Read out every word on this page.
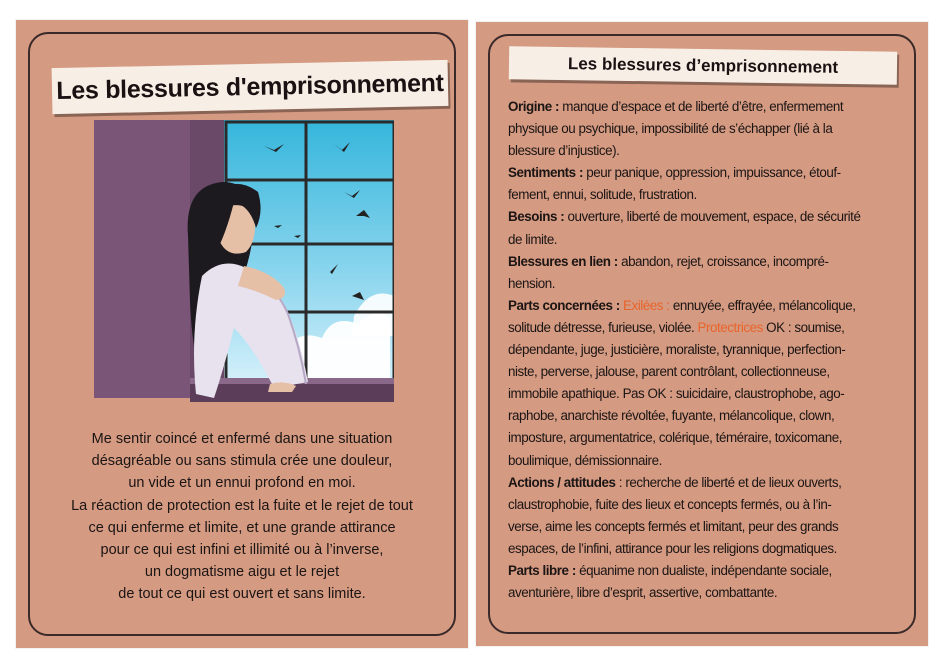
Les blessures d'emprisonnement

Me sentir coincé et enfermé dans une situation

désagréable ou sans stimula crée une douleur,

un vide et un ennui profond en moi.

La réaction de protection est la fuite et le rejet de tout

ce qui enferme et limite, et une grande attirance

pour ce qui est infini et illimité ou à l’inverse,

un dogmatisme aigu et le rejet

de tout ce qui est ouvert et sans limite.

Les blessures d’emprisonnement

Origine : manque d’espace et de liberté d’être, enfermement

physique ou psychique, impossibilité de s’échapper (lié à la

blessure d’injustice).

Sentiments : peur panique, oppression, impuissance, étouf-

fement, ennui, solitude, frustration.

Besoins : ouverture, liberté de mouvement, espace, de sécurité

de limite.

Blessures en lien : abandon, rejet, croissance, incompré-

hension.

Parts concernées : Exilées : ennuyée, effrayée, mélancolique,

solitude détresse, furieuse, violée. Protectrices OK : soumise,

dépendante, juge, justicière, moraliste, tyrannique, perfection-

niste, perverse, jalouse, parent contrôlant, collectionneuse,

immobile apathique. Pas OK : suicidaire, claustrophobe, ago-

raphobe, anarchiste révoltée, fuyante, mélancolique, clown,

imposture, argumentatrice, colérique, téméraire, toxicomane,

boulimique, démissionnaire.

Actions / attitudes : recherche de liberté et de lieux ouverts,

claustrophobie, fuite des lieux et concepts fermés, ou à l’in-

verse, aime les concepts fermés et limitant, peur des grands

espaces, de l’infini, attirance pour les religions dogmatiques.

Parts libre : équanime non dualiste, indépendante sociale,

aventurière, libre d’esprit, assertive, combattante.
